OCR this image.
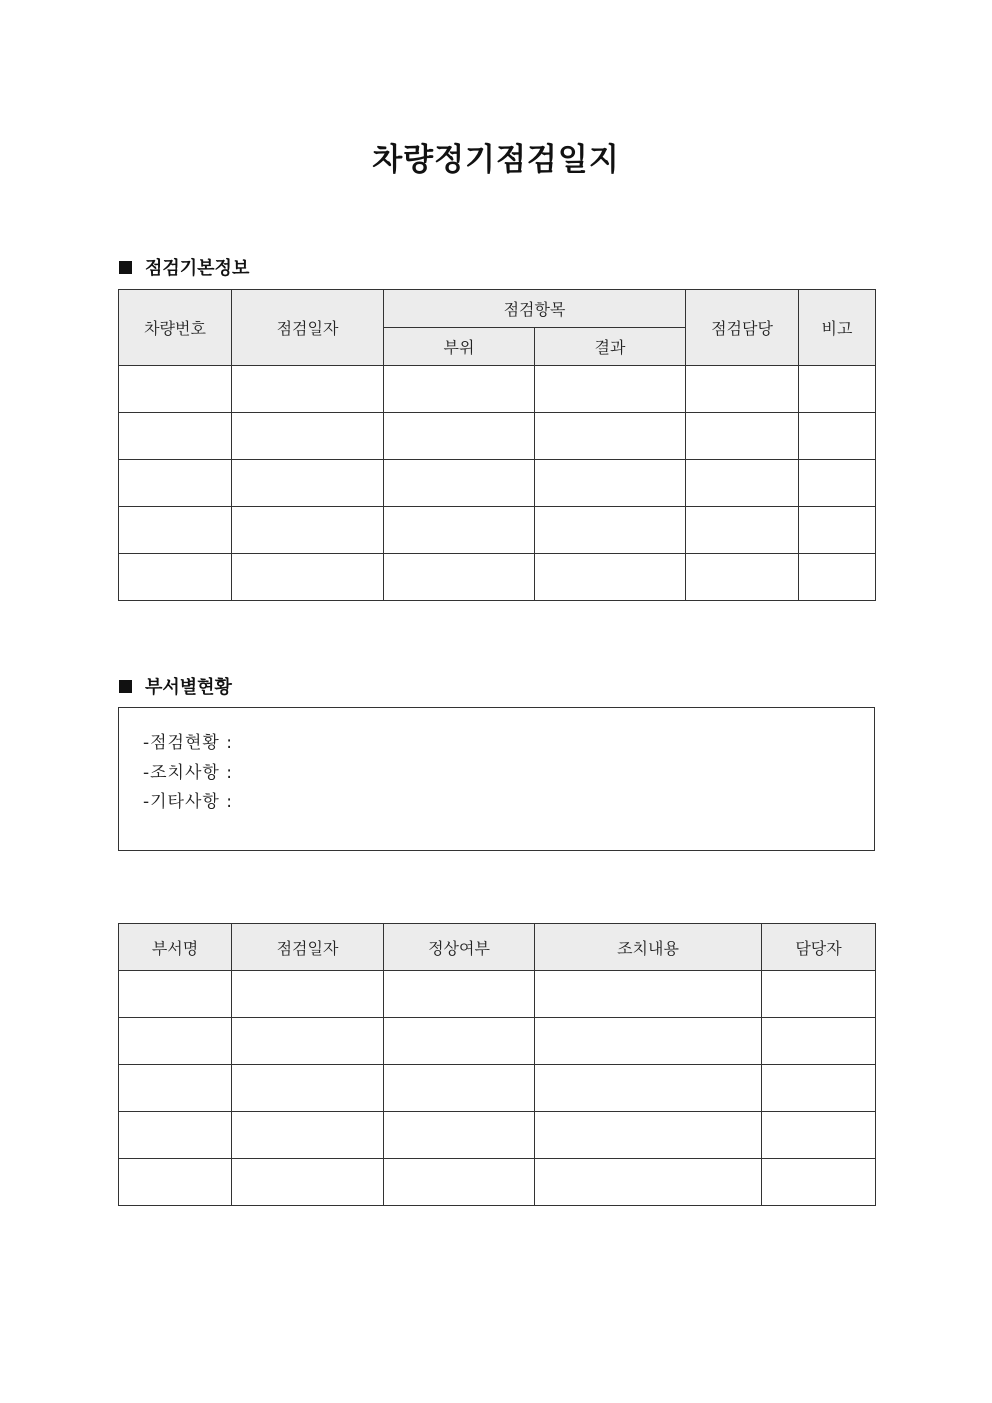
차량정기점검일지
점검기본정보
차량번호	점검일자	점검항목		점검담당	비고
		부위	결과		

부서별현황
-점검현황 :
-조치사항 :
-기타사항 :
부서명	점검일자	정상여부	조치내용	담당자
